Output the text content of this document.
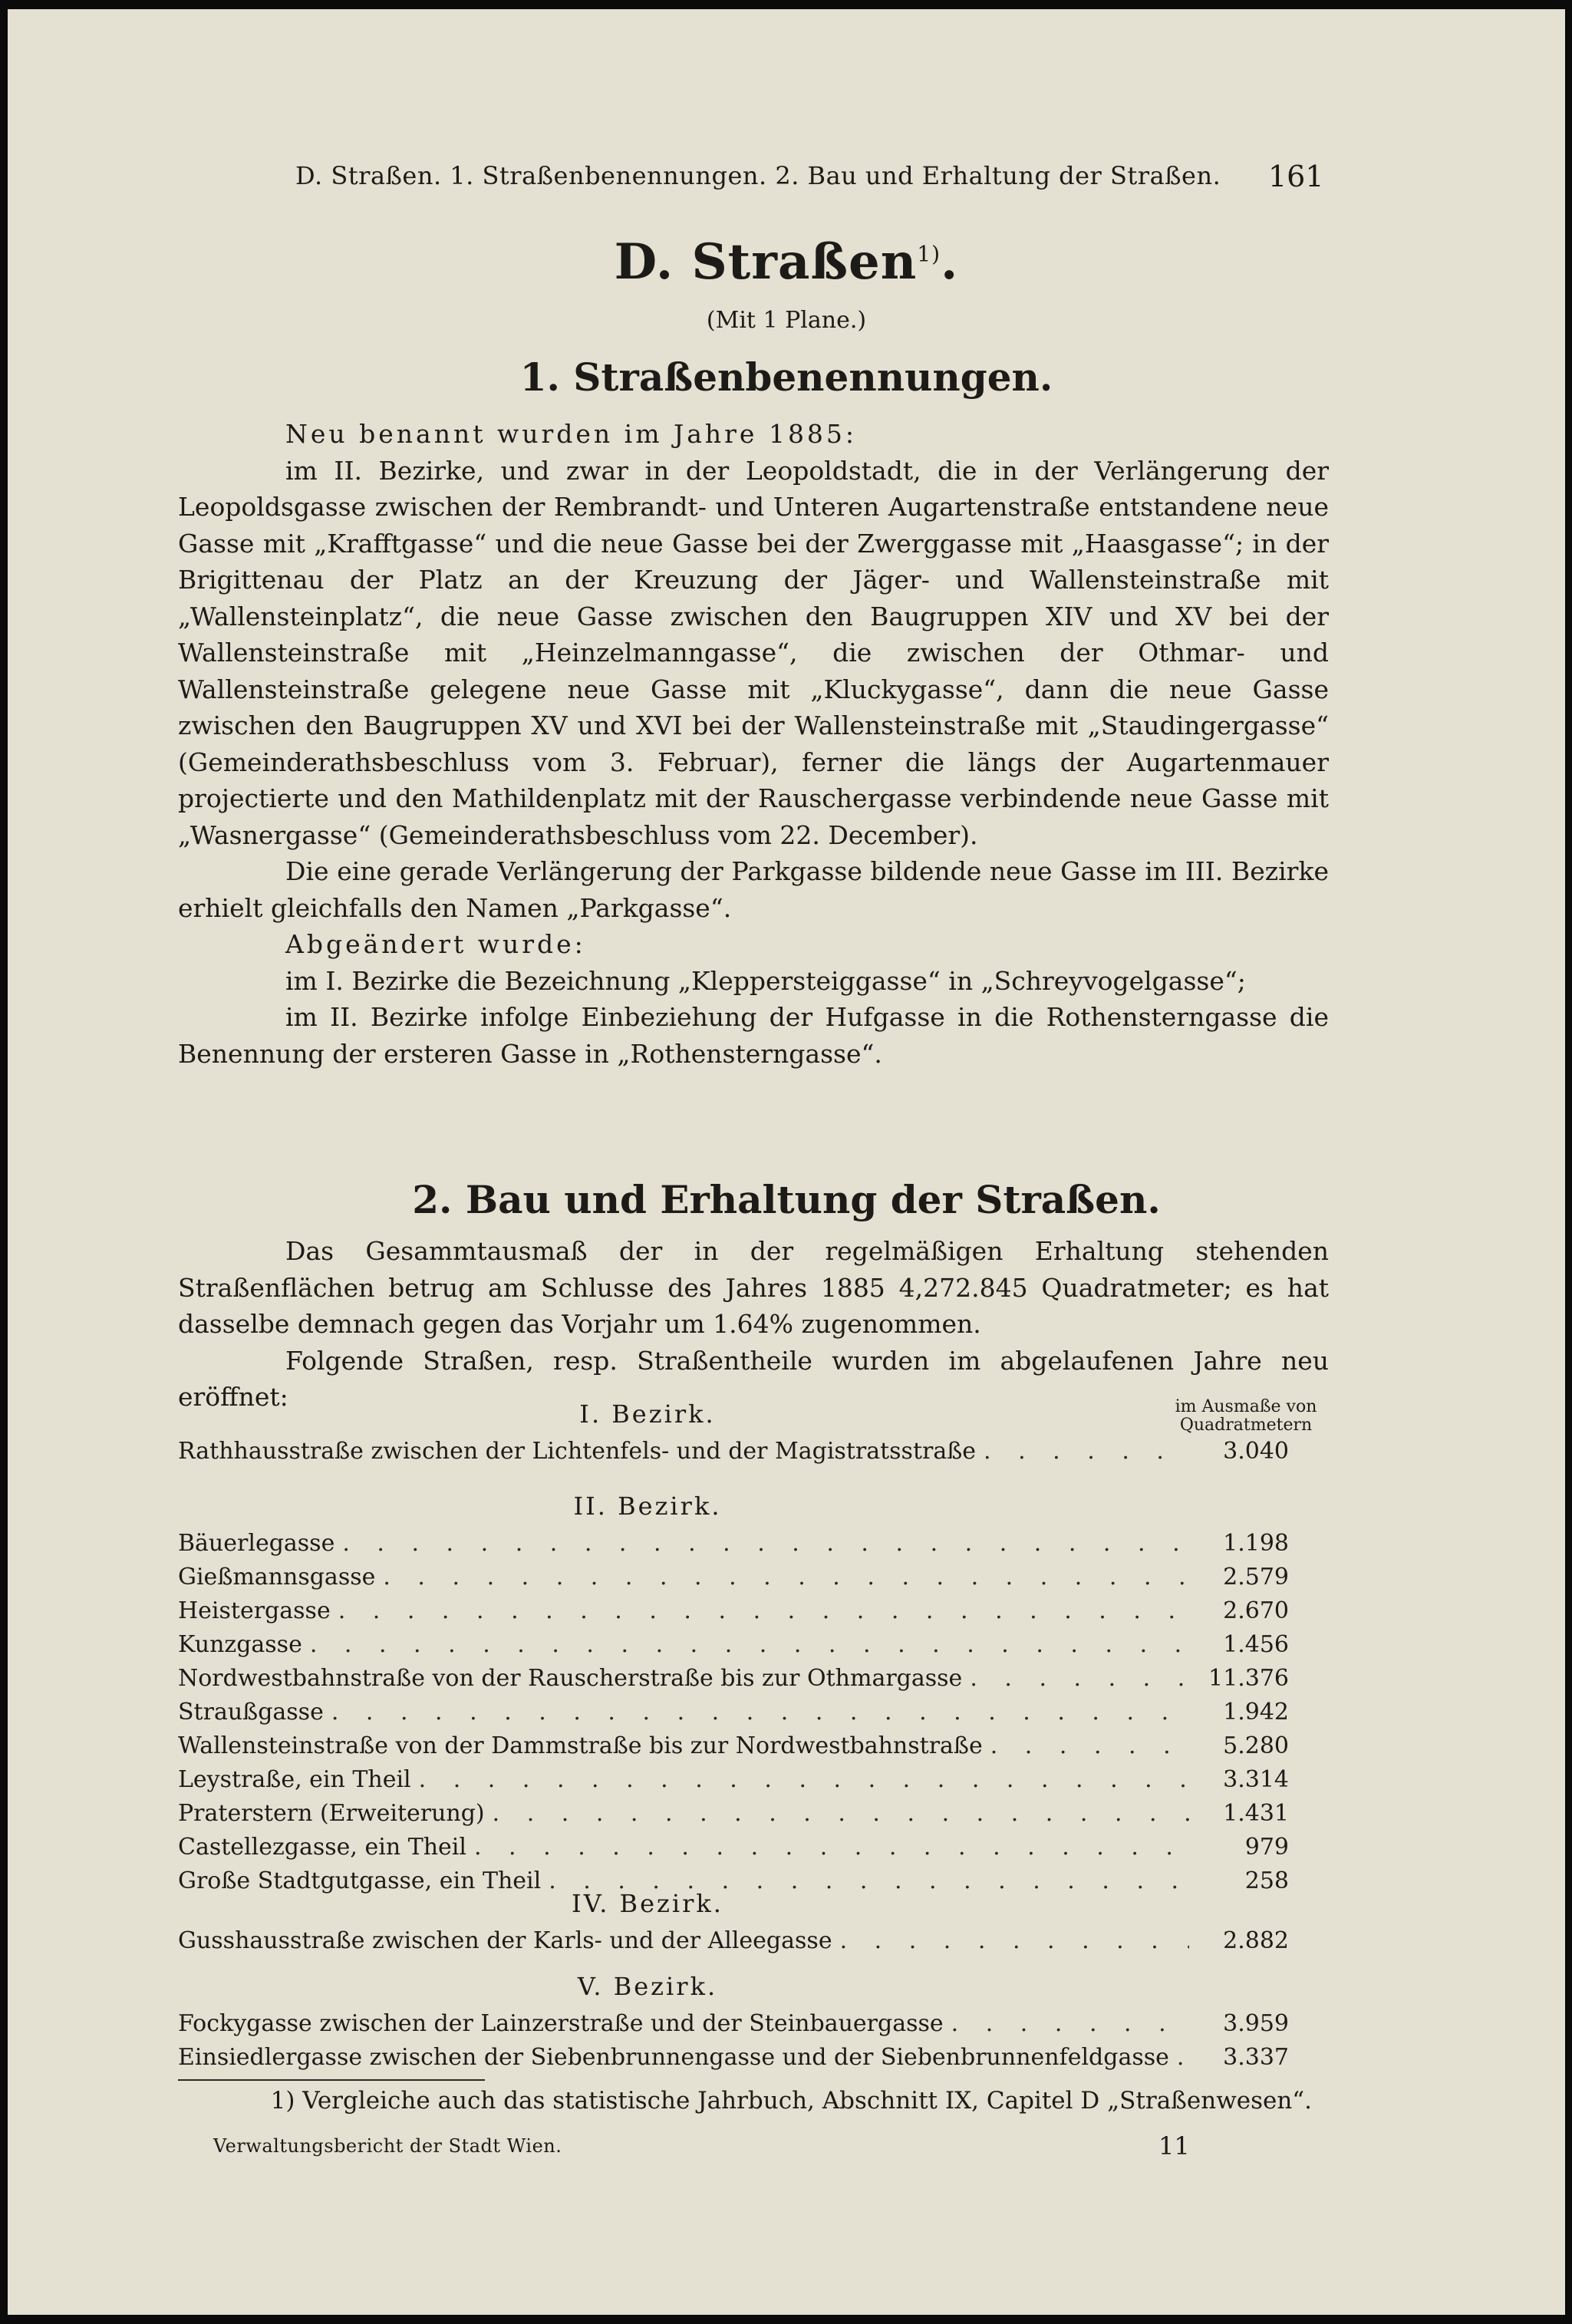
D. Straßen. 1. Straßenbenennungen. 2. Bau und Erhaltung der Straßen. 161
D. Straßen$^{1)}$.
(Mit 1 Plane.)
1. Straßenbenennungen.

Neu benannt wurden im Jahre 1885:

im II. Bezirke, und zwar in der Leopoldstadt, die in der Verlängerung der Leopoldsgasse zwischen der Rembrandt- und Unteren Augartenstraße entstandene neue Gasse mit „Krafftgasse“ und die neue Gasse bei der Zwerggasse mit „Haasgasse“; in der Brigittenau der Platz an der Kreuzung der Jäger- und Wallensteinstraße mit „Wallensteinplatz“, die neue Gasse zwischen den Baugruppen XIV und XV bei der Wallensteinstraße mit „Heinzelmanngasse“, die zwischen der Othmar- und Wallensteinstraße gelegene neue Gasse mit „Kluckygasse“, dann die neue Gasse zwischen den Baugruppen XV und XVI bei der Wallensteinstraße mit „Staudingergasse“ (Gemeinderathsbeschluss vom 3. Februar), ferner die längs der Augartenmauer projectierte und den Mathildenplatz mit der Rauschergasse verbindende neue Gasse mit „Wasnergasse“ (Gemeinderathsbeschluss vom 22. December).

Die eine gerade Verlängerung der Parkgasse bildende neue Gasse im III. Bezirke erhielt gleichfalls den Namen „Parkgasse“.

Abgeändert wurde:

im I. Bezirke die Bezeichnung „Kleppersteiggasse“ in „Schreyvogelgasse“;

im II. Bezirke infolge Einbeziehung der Hufgasse in die Rothensterngasse die Benennung der ersteren Gasse in „Rothensterngasse“.

2. Bau und Erhaltung der Straßen.

Das Gesammtausmaß der in der regelmäßigen Erhaltung stehenden Straßenflächen betrug am Schlusse des Jahres 1885 4,272.845 Quadratmeter; es hat dasselbe demnach gegen das Vorjahr um 1.64% zugenommen.

Folgende Straßen, resp. Straßentheile wurden im abgelaufenen Jahre neu eröffnet:	im Ausmaße von Quadratmetern
I. Bezirk.
Rathhausstraße zwischen der Lichtenfels- und der Magistratsstraße . . .	3.040
II. Bezirk.
Bäuerlegasse . . .	1.198
Gießmannsgasse . . .	2.579
Heistergasse . . .	2.670
Kunzgasse . . .	1.456
Nordwestbahnstraße von der Rauscherstraße bis zur Othmargasse . . .	11.376
Straußgasse . . .	1.942
Wallensteinstraße von der Dammstraße bis zur Nordwestbahnstraße . . .	5.280
Leystraße, ein Theil . . .	3.314
Praterstern (Erweiterung) . . .	1.431
Castellezgasse, ein Theil . . .	979
Große Stadtgutgasse, ein Theil . . .	258
IV. Bezirk.
Gusshausstraße zwischen der Karls- und der Alleegasse . . .	2.882
V. Bezirk.
Fockygasse zwischen der Lainzerstraße und der Steinbauergasse . . .	3.959
Einsiedlergasse zwischen der Siebenbrunnengasse und der Siebenbrunnenfeldgasse . . .	3.337
1) Vergleiche auch das statistische Jahrbuch, Abschnitt IX, Capitel D „Straßenwesen“.
Verwaltungsbericht der Stadt Wien.	11
